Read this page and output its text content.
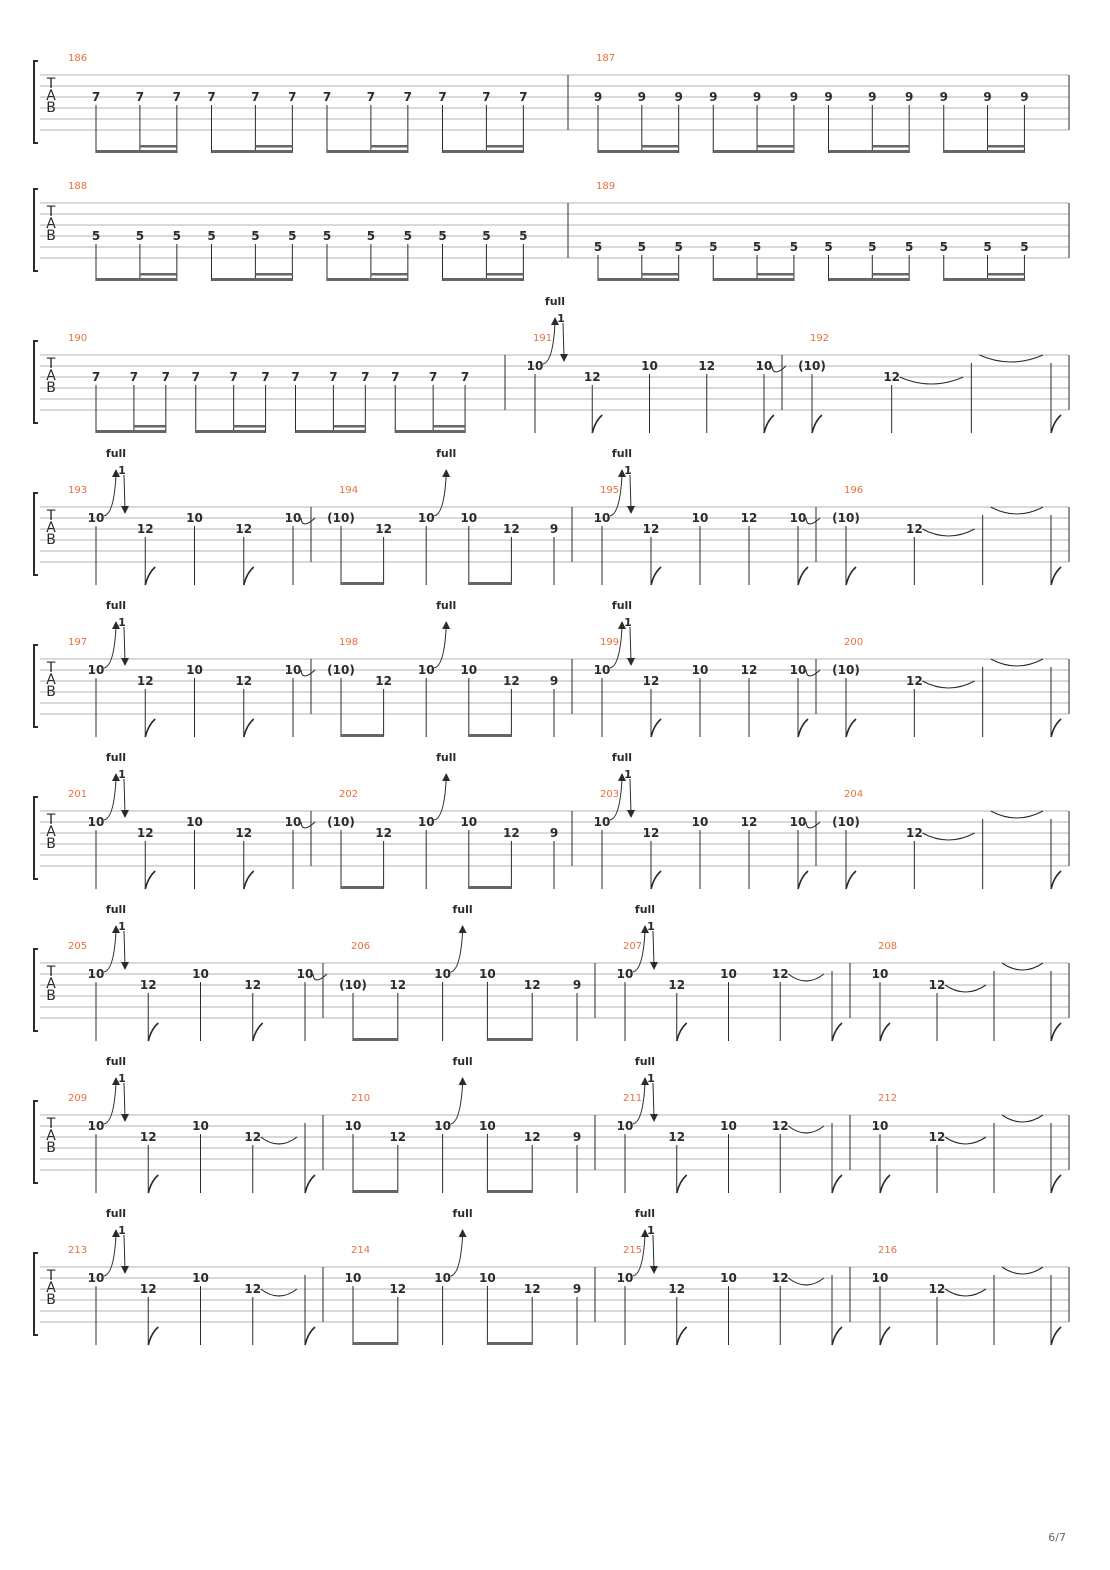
T
A
B
186
7	7 7 7	7 7 7	7 7 7	7 7
187
9	9 9 9	9 9 9	9 9 9	9 9
T
A
B
188
5	5 5 5	5 5 5	5 5 5	5 5
189
5	5 5 5	5 5 5	5 5 5	5 5
T
A
B
190
7 7 7 7 7 7 7 7 7 7 7 7
191
10
full
1
12
10	12	10
192
(10)
12
T
A
B
193
10
full
1
12
10
12
10
194
(10)
12
10
full
10
12	9
195
10
full
1
12
10	12	10
196
(10)
12
T
A
B
197
10
full
1
12
10
12
10
198
(10)
12
10
full
10
12	9
199
10
full
1
12
10	12	10
200
(10)
12
T
A
B
201
10
full
1
12
10
12
10
202
(10)
12
10
full
10
12	9
203
10
full
1
12
10	12	10
204
(10)
12
T
A
B
205
10
full
1
12
10
12
10
206
(10) 12
10
full
10
12	9
207
10
full
1
12
10	12
208
10
12
T
A
B
209
10
full
1
12
10
12
210
10
12
10
full
10
12	9
211
10
full
1
12
10	12
212
10
12
T
A
B
213
10
full
1
12
10
12
214
10
12
10
full
10
12	9
215
10
full
1
12
10	12
216
10
12
6/7
